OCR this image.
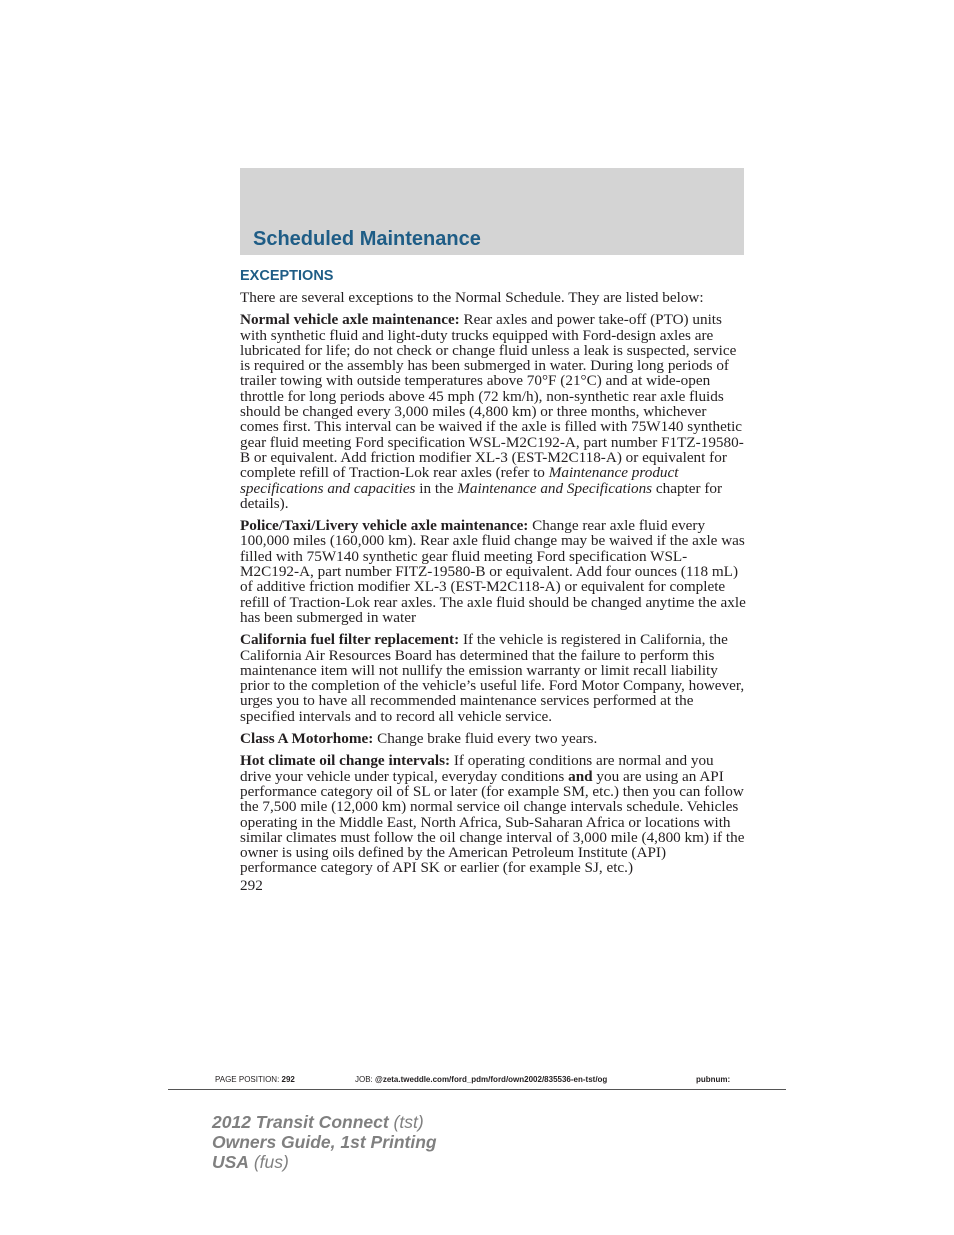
Scheduled Maintenance
EXCEPTIONS

There are several exceptions to the Normal Schedule. They are listed below:

Normal vehicle axle maintenance: Rear axles and power take-off (PTO) units with synthetic fluid and light-duty trucks equipped with Ford-design axles are lubricated for life; do not check or change fluid unless a leak is suspected, service is required or the assembly has been submerged in water. During long periods of trailer towing with outside temperatures above 70°F (21°C) and at wide-open throttle for long periods above 45 mph (72 km/h), non-synthetic rear axle fluids should be changed every 3,000 miles (4,800 km) or three months, whichever comes first. This interval can be waived if the axle is filled with 75W140 synthetic gear fluid meeting Ford specification WSL-M2C192-A, part number F1TZ-19580-B or equivalent. Add friction modifier XL-3 (EST-M2C118-A) or equivalent for complete refill of Traction-Lok rear axles (refer to Maintenance product specifications and capacities in the Maintenance and Specifications chapter for details).

Police/Taxi/Livery vehicle axle maintenance: Change rear axle fluid every 100,000 miles (160,000 km). Rear axle fluid change may be waived if the axle was filled with 75W140 synthetic gear fluid meeting Ford specification WSL-M2C192-A, part number FITZ-19580-B or equivalent. Add four ounces (118 mL) of additive friction modifier XL-3 (EST-M2C118-A) or equivalent for complete refill of Traction-Lok rear axles. The axle fluid should be changed anytime the axle has been submerged in water

California fuel filter replacement: If the vehicle is registered in California, the California Air Resources Board has determined that the failure to perform this maintenance item will not nullify the emission warranty or limit recall liability prior to the completion of the vehicle’s useful life. Ford Motor Company, however, urges you to have all recommended maintenance services performed at the specified intervals and to record all vehicle service.

Class A Motorhome: Change brake fluid every two years.

Hot climate oil change intervals: If operating conditions are normal and you drive your vehicle under typical, everyday conditions and you are using an API performance category oil of SL or later (for example SM, etc.) then you can follow the 7,500 mile (12,000 km) normal service oil change intervals schedule. Vehicles operating in the Middle East, North Africa, Sub-Saharan Africa or locations with similar climates must follow the oil change interval of 3,000 mile (4,800 km) if the owner is using oils defined by the American Petroleum Institute (API) performance category of API SK or earlier (for example SJ, etc.)

292
PAGE POSITION: 292	JOB: @zeta.tweddle.com/ford_pdm/ford/own2002/835536-en-tst/og	pubnum:
2012 Transit Connect (tst)
Owners Guide, 1st Printing
USA (fus)
